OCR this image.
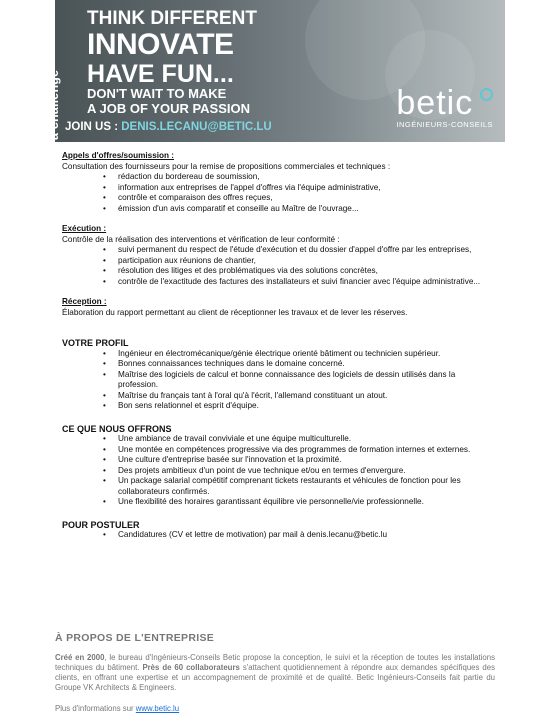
Make everyday a challenge
THINK DIFFERENT
INNOVATE
HAVE FUN...
DON'T WAIT TO MAKE
A JOB OF YOUR PASSION
JOIN US : DENIS.LECANU@BETIC.LU
betic
INGÉNIEURS-CONSEILS
Appels d'offres/soumission :
Consultation des fournisseurs pour la remise de propositions commerciales et techniques :
• rédaction du bordereau de soumission,
• information aux entreprises de l'appel d'offres via l'équipe administrative,
• contrôle et comparaison des offres reçues,
• émission d'un avis comparatif et conseille au Maître de l'ouvrage...
Exécution :
Contrôle de la réalisation des interventions et vérification de leur conformité :
• suivi permanent du respect de l'étude d'exécution et du dossier d'appel d'offre par les entreprises,
• participation aux réunions de chantier,
• résolution des litiges et des problématiques via des solutions concrètes,
• contrôle de l'exactitude des factures des installateurs et suivi financier avec l'équipe administrative...
Réception :
Élaboration du rapport permettant au client de réceptionner les travaux et de lever les réserves.
VOTRE PROFIL
• Ingénieur en électromécanique/génie électrique orienté bâtiment ou technicien supérieur.
• Bonnes connaissances techniques dans le domaine concerné.
• Maîtrise des logiciels de calcul et bonne connaissance des logiciels de dessin utilisés dans la profession.
• Maîtrise du français tant à l'oral qu'à l'écrit, l'allemand constituant un atout.
• Bon sens relationnel et esprit d'équipe.
CE QUE NOUS OFFRONS
• Une ambiance de travail conviviale et une équipe multiculturelle.
• Une montée en compétences progressive via des programmes de formation internes et externes.
• Une culture d'entreprise basée sur l'innovation et la proximité.
• Des projets ambitieux d'un point de vue technique et/ou en termes d'envergure.
• Un package salarial compétitif comprenant tickets restaurants et véhicules de fonction pour les collaborateurs confirmés.
• Une flexibilité des horaires garantissant équilibre vie personnelle/vie professionnelle.
POUR POSTULER
• Candidatures (CV et lettre de motivation) par mail à denis.lecanu@betic.lu
À PROPOS DE L'ENTREPRISE
Créé en 2000, le bureau d'Ingénieurs-Conseils Betic propose la conception, le suivi et la réception de toutes les installations techniques du bâtiment. Près de 60 collaborateurs s'attachent quotidiennement à répondre aux demandes spécifiques des clients, en offrant une expertise et un accompagnement de proximité et de qualité. Betic Ingénieurs-Conseils fait partie du Groupe VK Architects & Engineers.
Plus d'informations sur www.betic.lu
